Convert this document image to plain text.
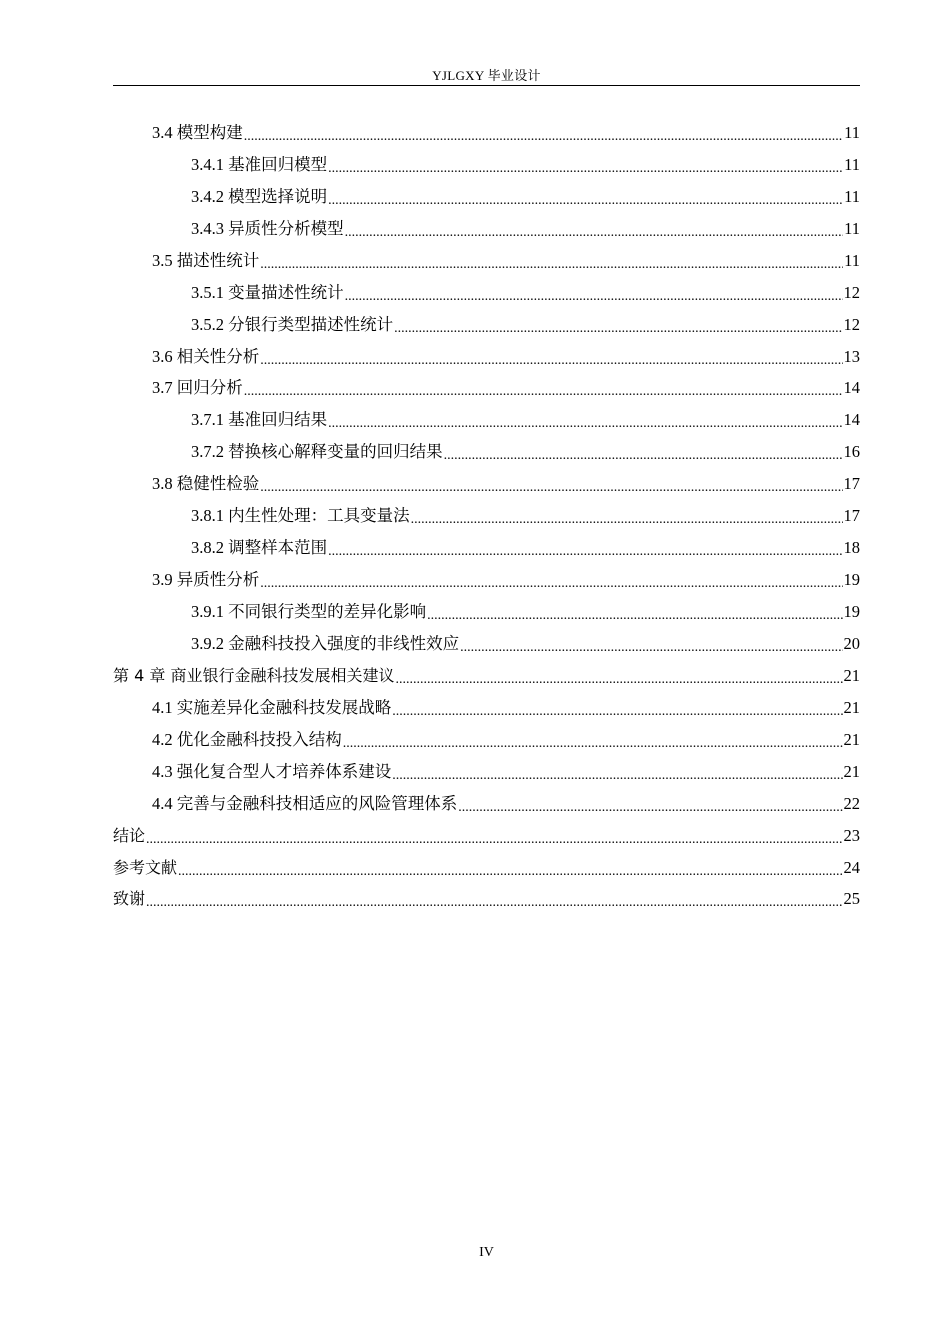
YJLGXY 毕业设计
3.4 模型构建 .....	11
3.4.1 基准回归模型 .....	11
3.4.2 模型选择说明 .....	11
3.4.3 异质性分析模型 .....	11
3.5 描述性统计 .....	11
3.5.1 变量描述性统计 .....	12
3.5.2 分银行类型描述性统计 .....	12
3.6 相关性分析 .....	13
3.7 回归分析 .....	14
3.7.1 基准回归结果 .....	14
3.7.2 替换核心解释变量的回归结果 .....	16
3.8 稳健性检验 .....	17
3.8.1 内生性处理：工具变量法 .....	17
3.8.2 调整样本范围 .....	18
3.9 异质性分析 .....	19
3.9.1 不同银行类型的差异化影响 .....	19
3.9.2 金融科技投入强度的非线性效应 .....	20
第 4 章 商业银行金融科技发展相关建议 .....	21
4.1 实施差异化金融科技发展战略 .....	21
4.2 优化金融科技投入结构 .....	21
4.3 强化复合型人才培养体系建设 .....	21
4.4 完善与金融科技相适应的风险管理体系 .....	22
结论 .....	23
参考文献 .....	24
致谢 .....	25
IV
